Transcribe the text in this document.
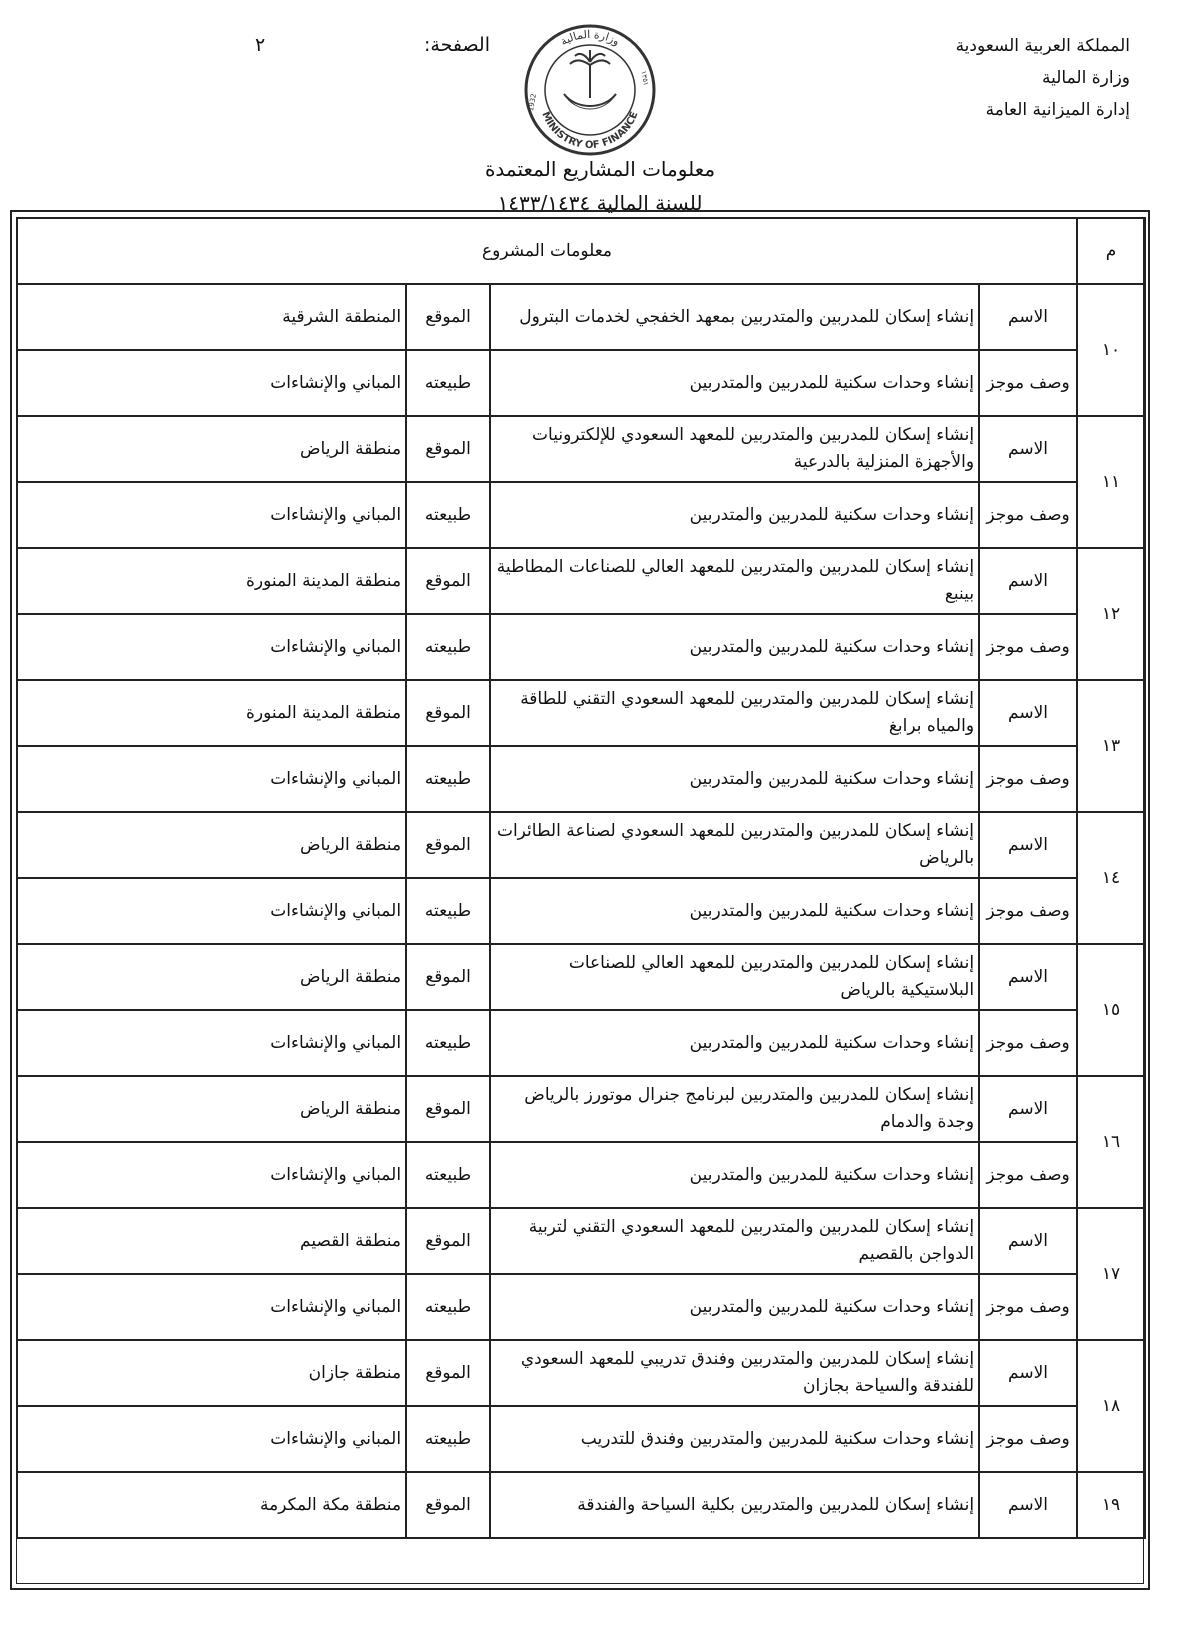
المملكة العربية السعودية
وزارة المالية
إدارة الميزانية العامة
الصفحة:
٢	وزارة المالية
MINISTRY OF FINANCE
1932
١٣٥١
معلومات المشاريع المعتمدة
للسنة المالية ١٤٣٣/١٤٣٤
م	معلومات المشروع			
١٠	الاسم	إنشاء إسكان للمدربين والمتدربين بمعهد الخفجي لخدمات البترول	الموقع	المنطقة الشرقية
	وصف موجز	إنشاء وحدات سكنية للمدربين والمتدربين	طبيعته	المباني والإنشاءات
١١	الاسم	إنشاء إسكان للمدربين والمتدربين للمعهد السعودي للإلكترونيات والأجهزة المنزلية بالدرعية	الموقع	منطقة الرياض
	وصف موجز	إنشاء وحدات سكنية للمدربين والمتدربين	طبيعته	المباني والإنشاءات
١٢	الاسم	إنشاء إسكان للمدربين والمتدربين للمعهد العالي للصناعات المطاطية بينبع	الموقع	منطقة المدينة المنورة
	وصف موجز	إنشاء وحدات سكنية للمدربين والمتدربين	طبيعته	المباني والإنشاءات
١٣	الاسم	إنشاء إسكان للمدربين والمتدربين للمعهد السعودي التقني للطاقة والمياه برابغ	الموقع	منطقة المدينة المنورة
	وصف موجز	إنشاء وحدات سكنية للمدربين والمتدربين	طبيعته	المباني والإنشاءات
١٤	الاسم	إنشاء إسكان للمدربين والمتدربين للمعهد السعودي لصناعة الطائرات بالرياض	الموقع	منطقة الرياض
	وصف موجز	إنشاء وحدات سكنية للمدربين والمتدربين	طبيعته	المباني والإنشاءات
١٥	الاسم	إنشاء إسكان للمدربين والمتدربين للمعهد العالي للصناعات البلاستيكية بالرياض	الموقع	منطقة الرياض
	وصف موجز	إنشاء وحدات سكنية للمدربين والمتدربين	طبيعته	المباني والإنشاءات
١٦	الاسم	إنشاء إسكان للمدربين والمتدربين لبرنامج جنرال موتورز بالرياض وجدة والدمام	الموقع	منطقة الرياض
	وصف موجز	إنشاء وحدات سكنية للمدربين والمتدربين	طبيعته	المباني والإنشاءات
١٧	الاسم	إنشاء إسكان للمدربين والمتدربين للمعهد السعودي التقني لتربية الدواجن بالقصيم	الموقع	منطقة القصيم
	وصف موجز	إنشاء وحدات سكنية للمدربين والمتدربين	طبيعته	المباني والإنشاءات
١٨	الاسم	إنشاء إسكان للمدربين والمتدربين وفندق تدريبي للمعهد السعودي للفندقة والسياحة بجازان	الموقع	منطقة جازان
	وصف موجز	إنشاء وحدات سكنية للمدربين والمتدربين وفندق للتدريب	طبيعته	المباني والإنشاءات
١٩	الاسم	إنشاء إسكان للمدربين والمتدربين بكلية السياحة والفندقة	الموقع	منطقة مكة المكرمة
